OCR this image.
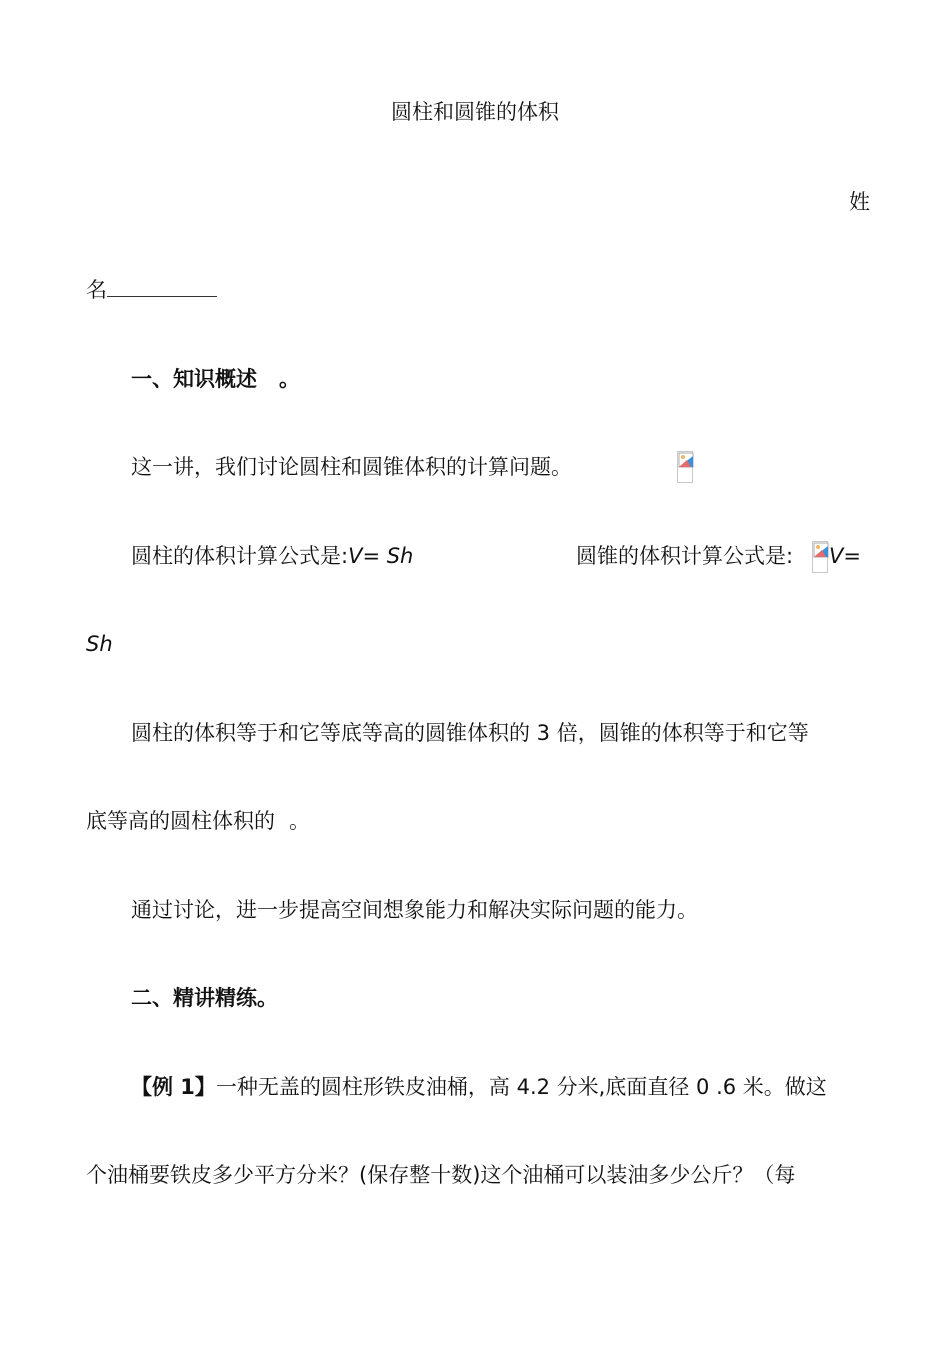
圆柱和圆锥的体积
姓
名
一、知识概述 。
这一讲，我们讨论圆柱和圆锥体积的计算问题。
圆柱的体积计算公式是:V= Sh	圆锥的体积计算公式是: V=
Sh
圆柱的体积等于和它等底等高的圆锥体积的 3 倍，圆锥的体积等于和它等
底等高的圆柱体积的 。
通过讨论，进一步提高空间想象能力和解决实际问题的能力。
二、精讲精练。
【例 1】一种无盖的圆柱形铁皮油桶，高 4.2 分米,底面直径 0 .6 米。做这
个油桶要铁皮多少平方分米？(保存整十数)这个油桶可以装油多少公斤？（每
